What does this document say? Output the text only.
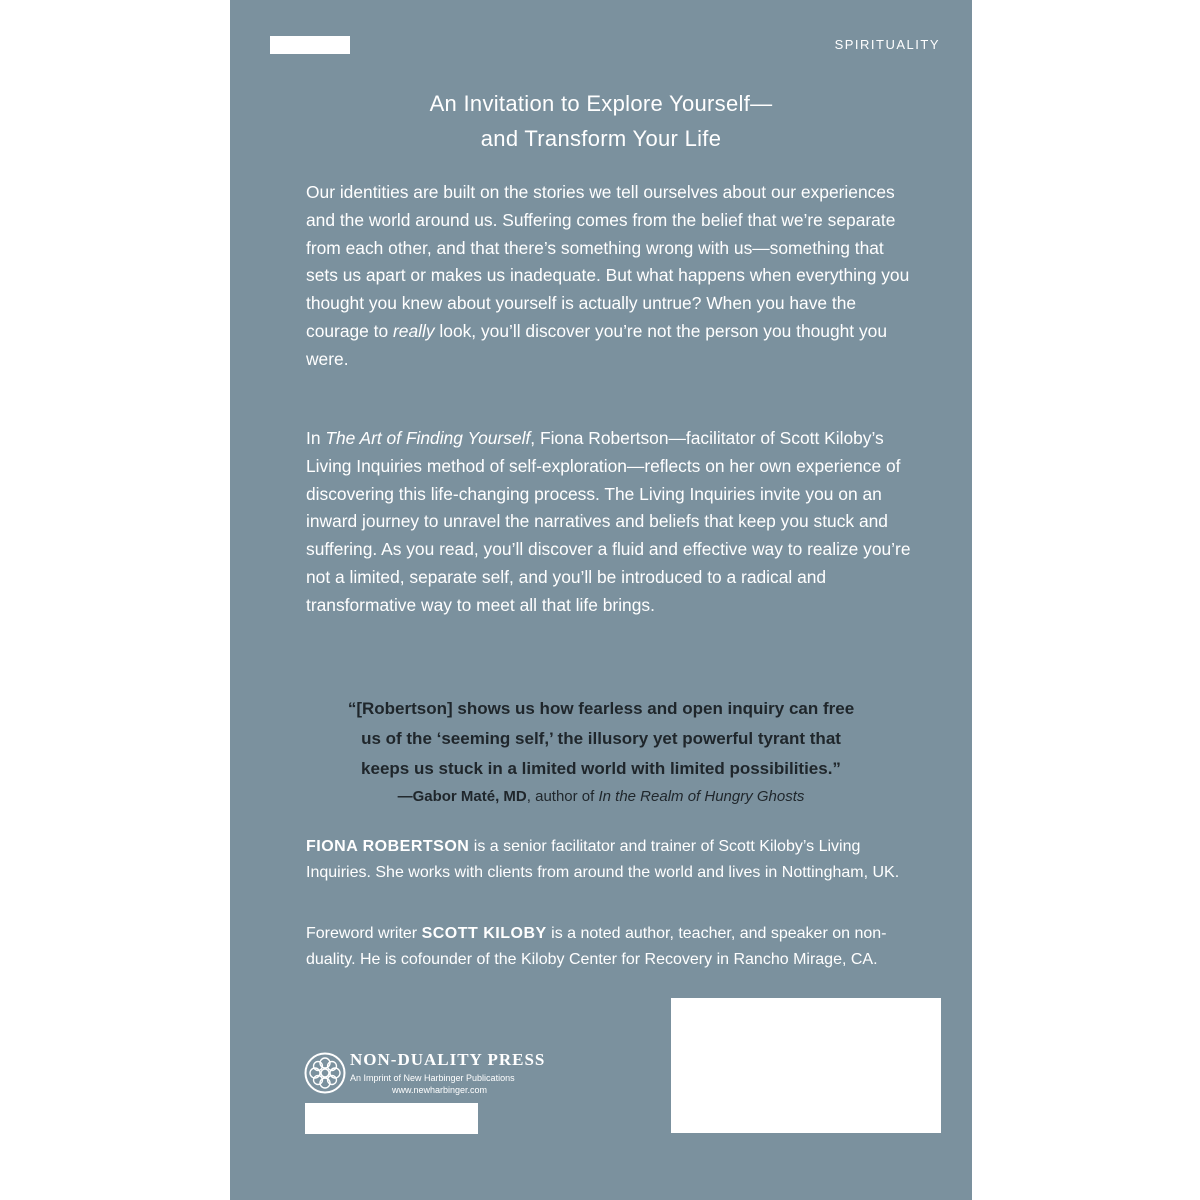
SPIRITUALITY
An Invitation to Explore Yourself—
and Transform Your Life
Our identities are built on the stories we tell ourselves about our experiences and the world around us. Suffering comes from the belief that we’re separate from each other, and that there’s something wrong with us—something that sets us apart or makes us inadequate. But what happens when everything you thought you knew about yourself is actually untrue? When you have the courage to really look, you’ll discover you’re not the person you thought you were.
In The Art of Finding Yourself, Fiona Robertson—facilitator of Scott Kiloby’s Living Inquiries method of self-exploration—reflects on her own experience of discovering this life-changing process. The Living Inquiries invite you on an inward journey to unravel the narratives and beliefs that keep you stuck and suffering. As you read, you’ll discover a fluid and effective way to realize you’re not a limited, separate self, and you’ll be introduced to a radical and transformative way to meet all that life brings.
“[Robertson] shows us how fearless and open inquiry can free
us of the ‘seeming self,’ the illusory yet powerful tyrant that
keeps us stuck in a limited world with limited possibilities.”
—Gabor Maté, MD, author of In the Realm of Hungry Ghosts
FIONA ROBERTSON is a senior facilitator and trainer of Scott Kiloby’s Living Inquiries. She works with clients from around the world and lives in Nottingham, UK.
Foreword writer SCOTT KILOBY is a noted author, teacher, and speaker on non-duality. He is cofounder of the Kiloby Center for Recovery in Rancho Mirage, CA.
NON-DUALITY PRESS
An Imprint of New Harbinger Publications
www.newharbinger.com
